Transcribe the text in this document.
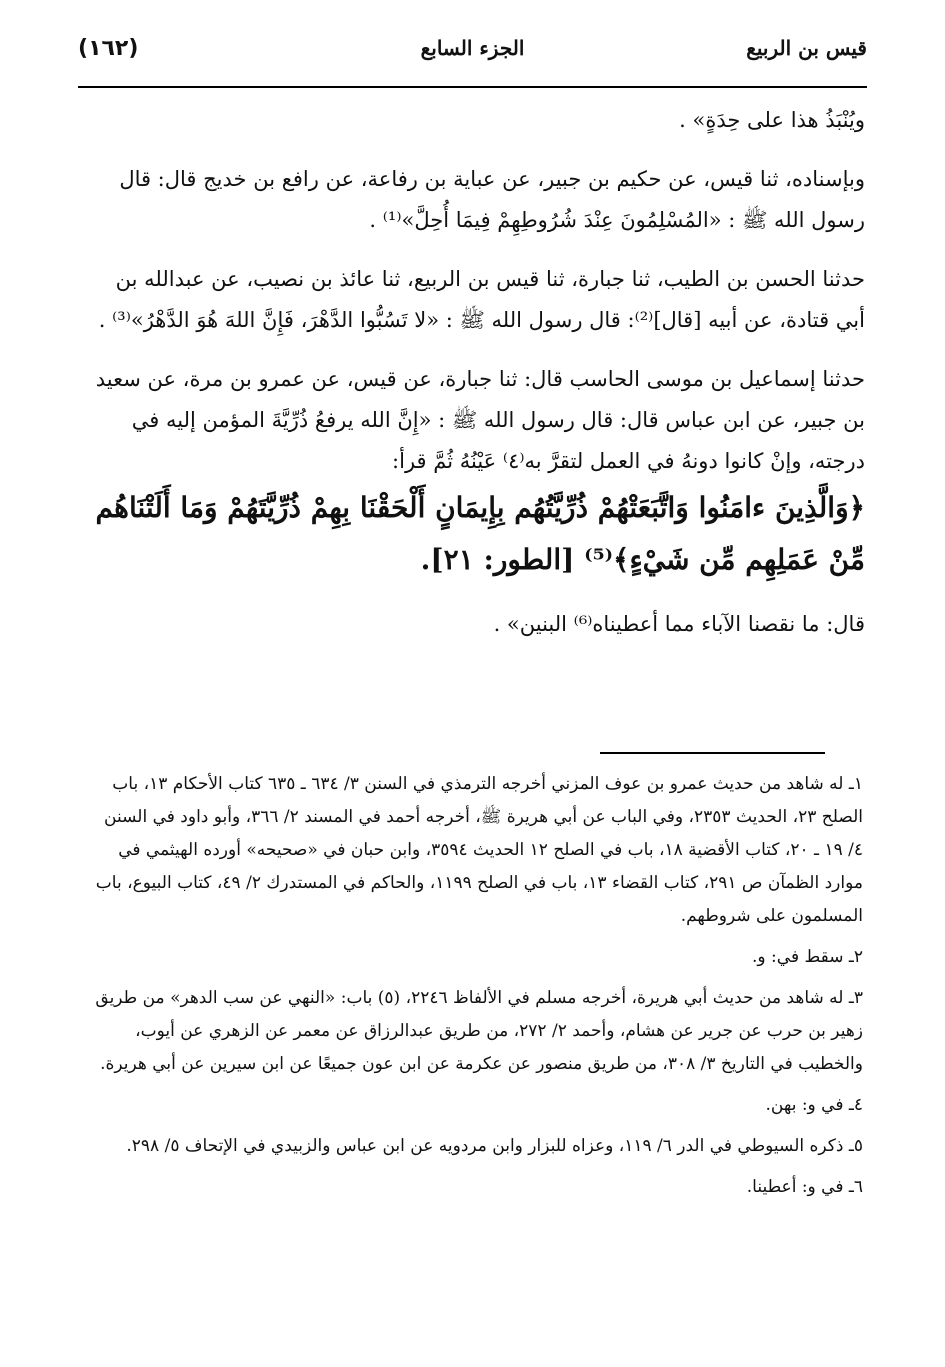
(١٦٢)	الجزء السابع	قيس بن الربيع

ويُنْبَذُ هذا على حِدَةٍ» .

وبإسناده، ثنا قيس، عن حكيم بن جبير، عن عباية بن رفاعة، عن رافع بن خديج قال: قال رسول الله ﷺ : «المُسْلِمُونَ عِنْدَ شُرُوطِهِمْ فِيمَا أُحِلَّ»⁽¹⁾ .

حدثنا الحسن بن الطيب، ثنا جبارة، ثنا قيس بن الربيع، ثنا عائذ بن نصيب، عن عبدالله بن أبي قتادة، عن أبيه [قال]⁽²⁾: قال رسول الله ﷺ : «لا تَسُبُّوا الدَّهْرَ، فَإِنَّ اللهَ هُوَ الدَّهْرُ»⁽³⁾ .

حدثنا إسماعيل بن موسى الحاسب قال: ثنا جبارة، عن قيس، عن عمرو بن مرة، عن سعيد بن جبير، عن ابن عباس قال: قال رسول الله ﷺ : «إِنَّ الله يرفعُ ذُرِّيَّةَ المؤمن إليه في درجته، وإنْ كانوا دونهُ في العمل لتقرَّ به⁽٤⁾ عَيْنُهُ ثُمَّ قرأ:

﴿وَالَّذِينَ ءامَنُوا وَاتَّبَعَتْهُمْ ذُرِّيَّتُهُم بِإِيمَانٍ أَلْحَقْنَا بِهِمْ ذُرِّيَّتَهُمْ وَمَا أَلَتْنَاهُم مِّنْ عَمَلِهِم مِّن شَيْءٍ﴾⁽⁵⁾ [الطور: ٢١].

قال: ما نقصنا الآباء مما أعطيناه⁽⁶⁾ البنين» .

١ـ له شاهد من حديث عمرو بن عوف المزني أخرجه الترمذي في السنن ٣/ ٦٣٤ ـ ٦٣٥ كتاب الأحكام ١٣، باب الصلح ٢٣، الحديث ٢٣٥٣، وفي الباب عن أبي هريرة ﷺ، أخرجه أحمد في المسند ٢/ ٣٦٦، وأبو داود في السنن ٤/ ١٩ ـ ٢٠، كتاب الأقضية ١٨، باب في الصلح ١٢ الحديث ٣٥٩٤، وابن حبان في «صحيحه» أورده الهيثمي في موارد الظمآن ص ٢٩١، كتاب القضاء ١٣، باب في الصلح ١١٩٩، والحاكم في المستدرك ٢/ ٤٩، كتاب البيوع، باب المسلمون على شروطهم.

٢ـ سقط في: و.

٣ـ له شاهد من حديث أبي هريرة، أخرجه مسلم في الألفاظ ٢٢٤٦، (٥) باب: «النهي عن سب الدهر» من طريق زهير بن حرب عن جرير عن هشام، وأحمد ٢/ ٢٧٢، من طريق عبدالرزاق عن معمر عن الزهري عن أيوب، والخطيب في التاريخ ٣/ ٣٠٨، من طريق منصور عن عكرمة عن ابن عون جميعًا عن ابن سيرين عن أبي هريرة.

٤ـ في و: بهن.

٥ـ ذكره السيوطي في الدر ٦/ ١١٩، وعزاه للبزار وابن مردويه عن ابن عباس والزبيدي في الإتحاف ٥/ ٢٩٨.

٦ـ في و: أعطينا.
